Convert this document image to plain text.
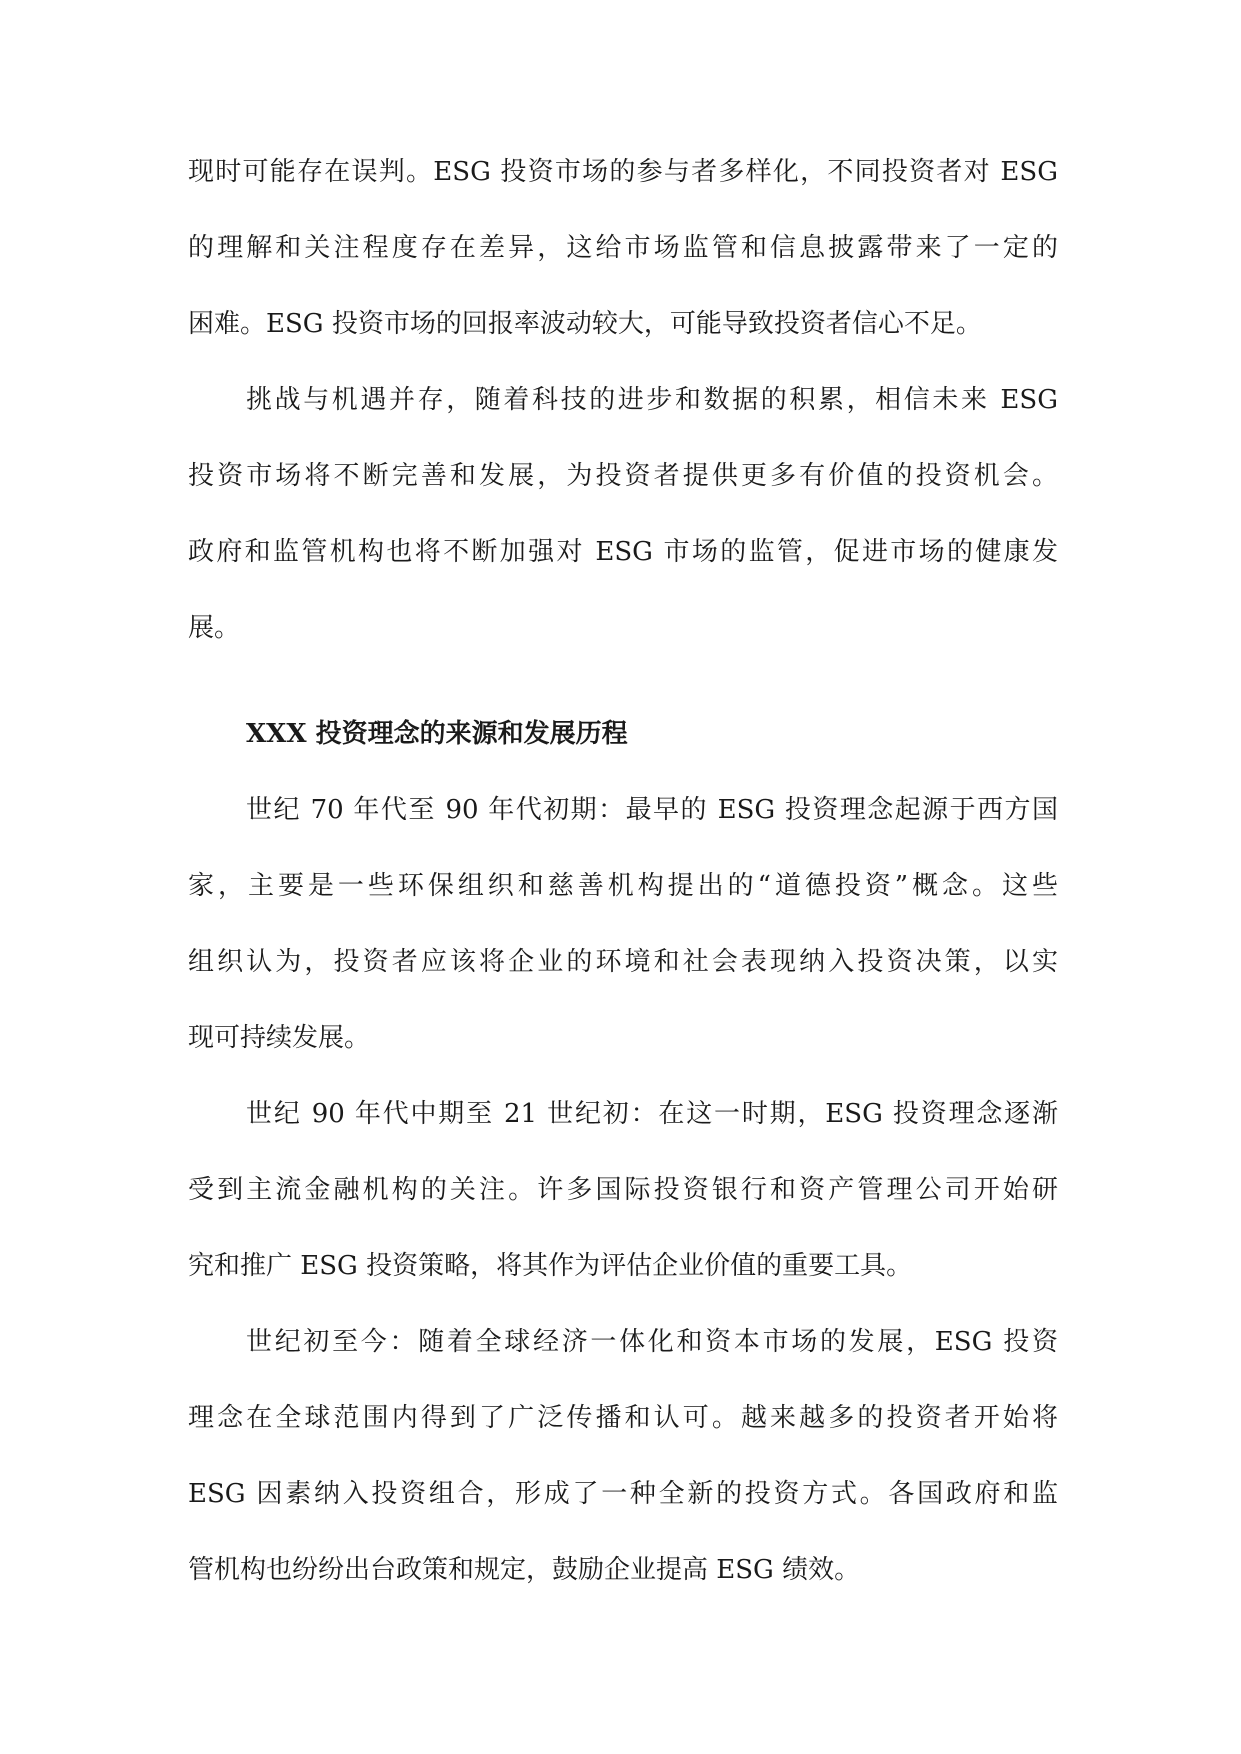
现时可能存在误判。ESG 投资市场的参与者多样化，不同投资者对 ESG
的理解和关注程度存在差异，这给市场监管和信息披露带来了一定的
困难。ESG 投资市场的回报率波动较大，可能导致投资者信心不足。
挑战与机遇并存，随着科技的进步和数据的积累，相信未来 ESG
投资市场将不断完善和发展，为投资者提供更多有价值的投资机会。
政府和监管机构也将不断加强对 ESG 市场的监管，促进市场的健康发
展。
XXX 投资理念的来源和发展历程
世纪 70 年代至 90 年代初期：最早的 ESG 投资理念起源于西方国
家，主要是一些环保组织和慈善机构提出的“道德投资”概念。这些
组织认为，投资者应该将企业的环境和社会表现纳入投资决策，以实
现可持续发展。
世纪 90 年代中期至 21 世纪初：在这一时期，ESG 投资理念逐渐
受到主流金融机构的关注。许多国际投资银行和资产管理公司开始研
究和推广 ESG 投资策略，将其作为评估企业价值的重要工具。
世纪初至今：随着全球经济一体化和资本市场的发展，ESG 投资
理念在全球范围内得到了广泛传播和认可。越来越多的投资者开始将
ESG 因素纳入投资组合，形成了一种全新的投资方式。各国政府和监
管机构也纷纷出台政策和规定，鼓励企业提高 ESG 绩效。
